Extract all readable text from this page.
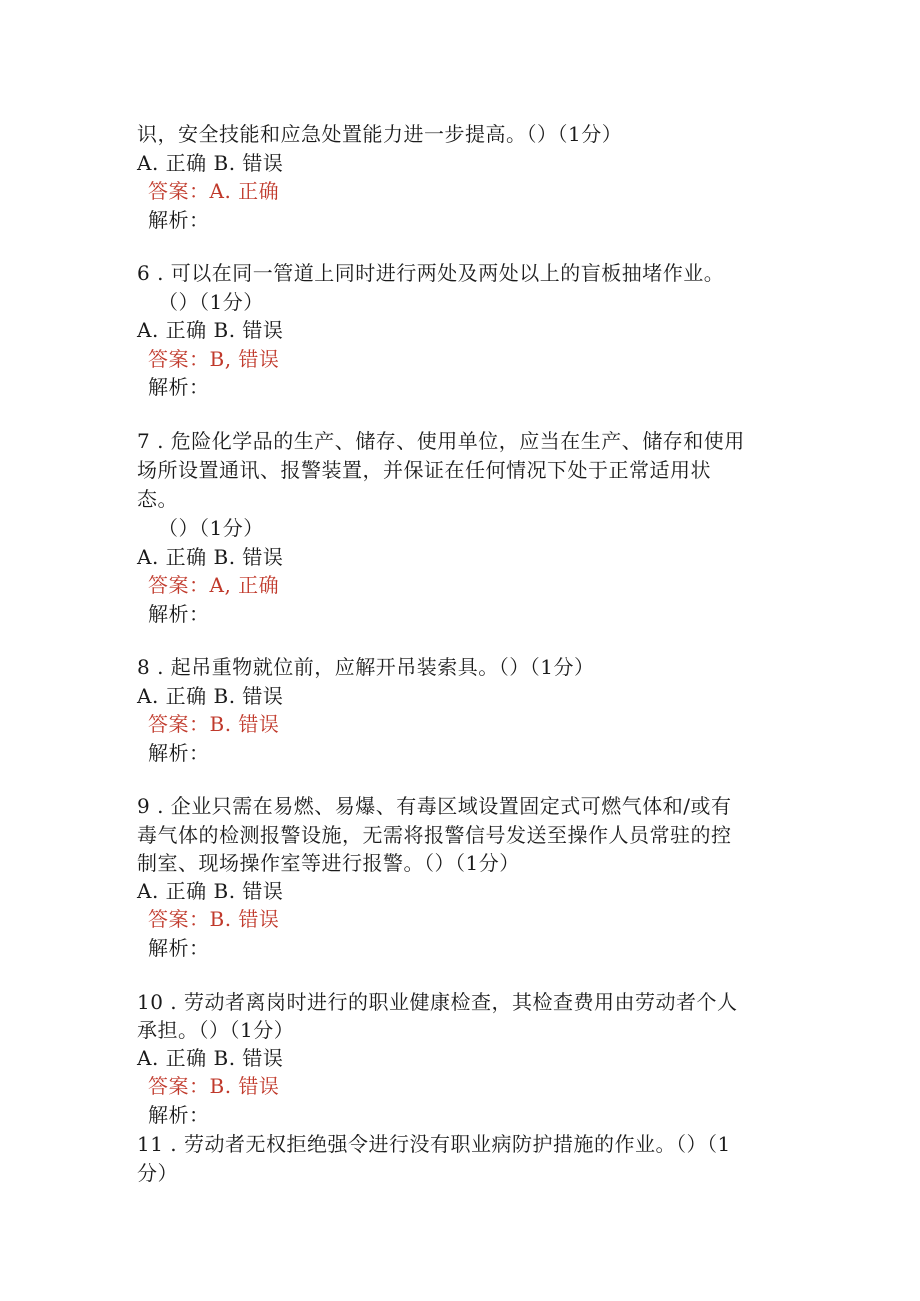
识，安全技能和应急处置能力进一步提高。（）（1分）
A. 正确 B. 错误
答案：A. 正确
解析：
6 . 可以在同一管道上同时进行两处及两处以上的盲板抽堵作业。
（）（1分）
A. 正确 B. 错误
答案：B, 错误
解析：
7 . 危险化学品的生产、储存、使用单位，应当在生产、储存和使用
场所设置通讯、报警装置，并保证在任何情况下处于正常适用状
态。
（）（1分）
A. 正确 B. 错误
答案：A, 正确
解析：
8 . 起吊重物就位前，应解开吊装索具。（）（1分）
A. 正确 B. 错误
答案：B. 错误
解析：
9 . 企业只需在易燃、易爆、有毒区域设置固定式可燃气体和/或有
毒气体的检测报警设施，无需将报警信号发送至操作人员常驻的控
制室、现场操作室等进行报警。（）（1分）
A. 正确 B. 错误
答案：B. 错误
解析：
10 . 劳动者离岗时进行的职业健康检查，其检查费用由劳动者个人
承担。（）（1分）
A. 正确 B. 错误
答案：B. 错误
解析：
11 . 劳动者无权拒绝强令进行没有职业病防护措施的作业。（）（1
分）
